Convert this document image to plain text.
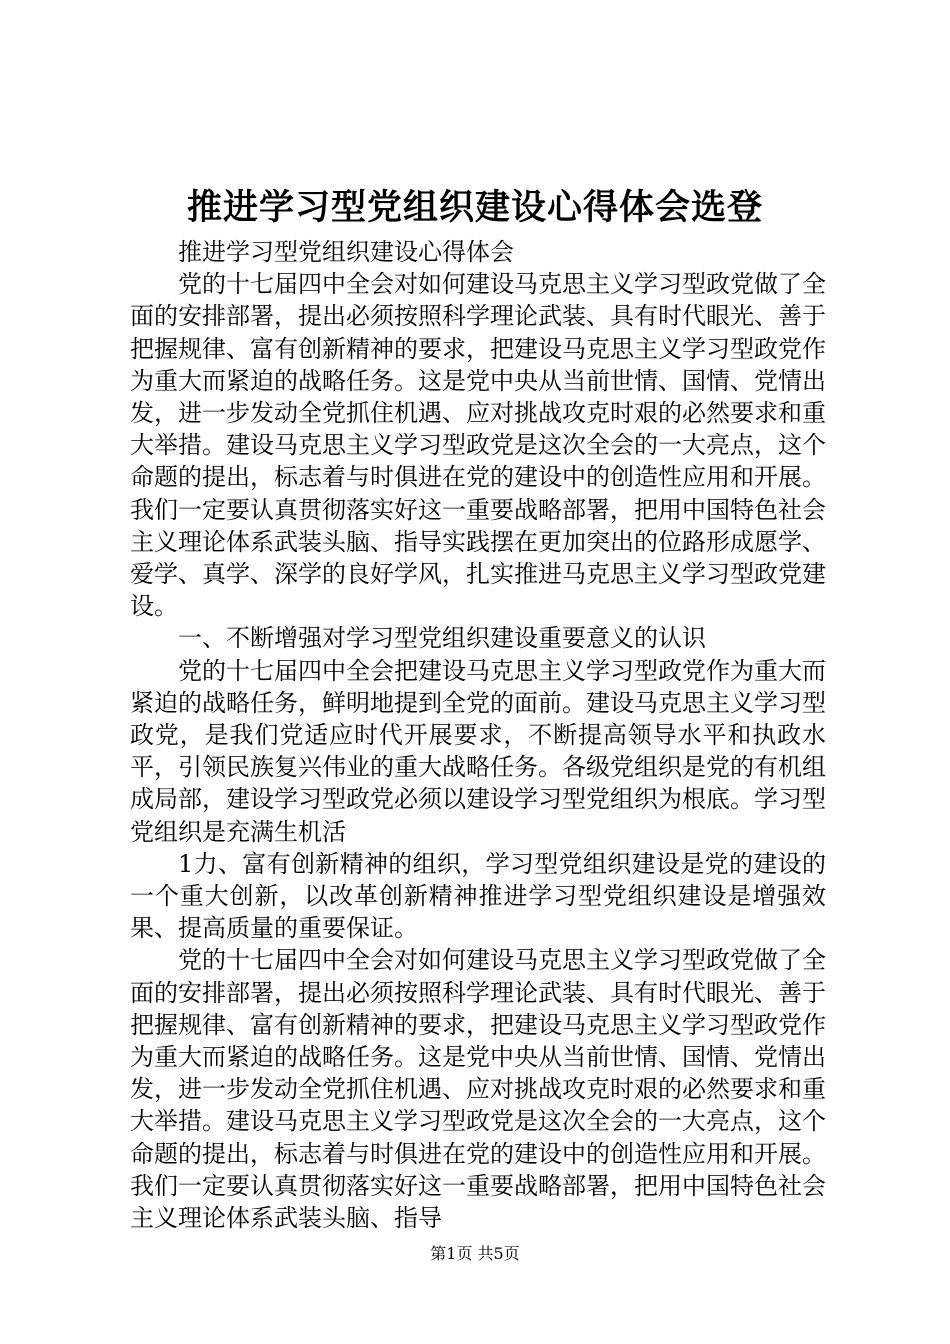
推进学习型党组织建设心得体会选登

推进学习型党组织建设心得体会

党的十七届四中全会对如何建设马克思主义学习型政党做了全面的安排部署，提出必须按照科学理论武装、具有时代眼光、善于把握规律、富有创新精神的要求，把建设马克思主义学习型政党作为重大而紧迫的战略任务。这是党中央从当前世情、国情、党情出发，进一步发动全党抓住机遇、应对挑战攻克时艰的必然要求和重大举措。建设马克思主义学习型政党是这次全会的一大亮点，这个命题的提出，标志着与时俱进在党的建设中的创造性应用和开展。我们一定要认真贯彻落实好这一重要战略部署，把用中国特色社会主义理论体系武装头脑、指导实践摆在更加突出的位路形成愿学、爱学、真学、深学的良好学风，扎实推进马克思主义学习型政党建设。

一、不断增强对学习型党组织建设重要意义的认识

党的十七届四中全会把建设马克思主义学习型政党作为重大而紧迫的战略任务，鲜明地提到全党的面前。建设马克思主义学习型政党，是我们党适应时代开展要求，不断提高领导水平和执政水平，引领民族复兴伟业的重大战略任务。各级党组织是党的有机组成局部，建设学习型政党必须以建设学习型党组织为根底。学习型党组织是充满生机活

1力、富有创新精神的组织，学习型党组织建设是党的建设的一个重大创新，以改革创新精神推进学习型党组织建设是增强效果、提高质量的重要保证。

党的十七届四中全会对如何建设马克思主义学习型政党做了全面的安排部署，提出必须按照科学理论武装、具有时代眼光、善于把握规律、富有创新精神的要求，把建设马克思主义学习型政党作为重大而紧迫的战略任务。这是党中央从当前世情、国情、党情出发，进一步发动全党抓住机遇、应对挑战攻克时艰的必然要求和重大举措。建设马克思主义学习型政党是这次全会的一大亮点，这个命题的提出，标志着与时俱进在党的建设中的创造性应用和开展。我们一定要认真贯彻落实好这一重要战略部署，把用中国特色社会主义理论体系武装头脑、指导

第1页 共5页
